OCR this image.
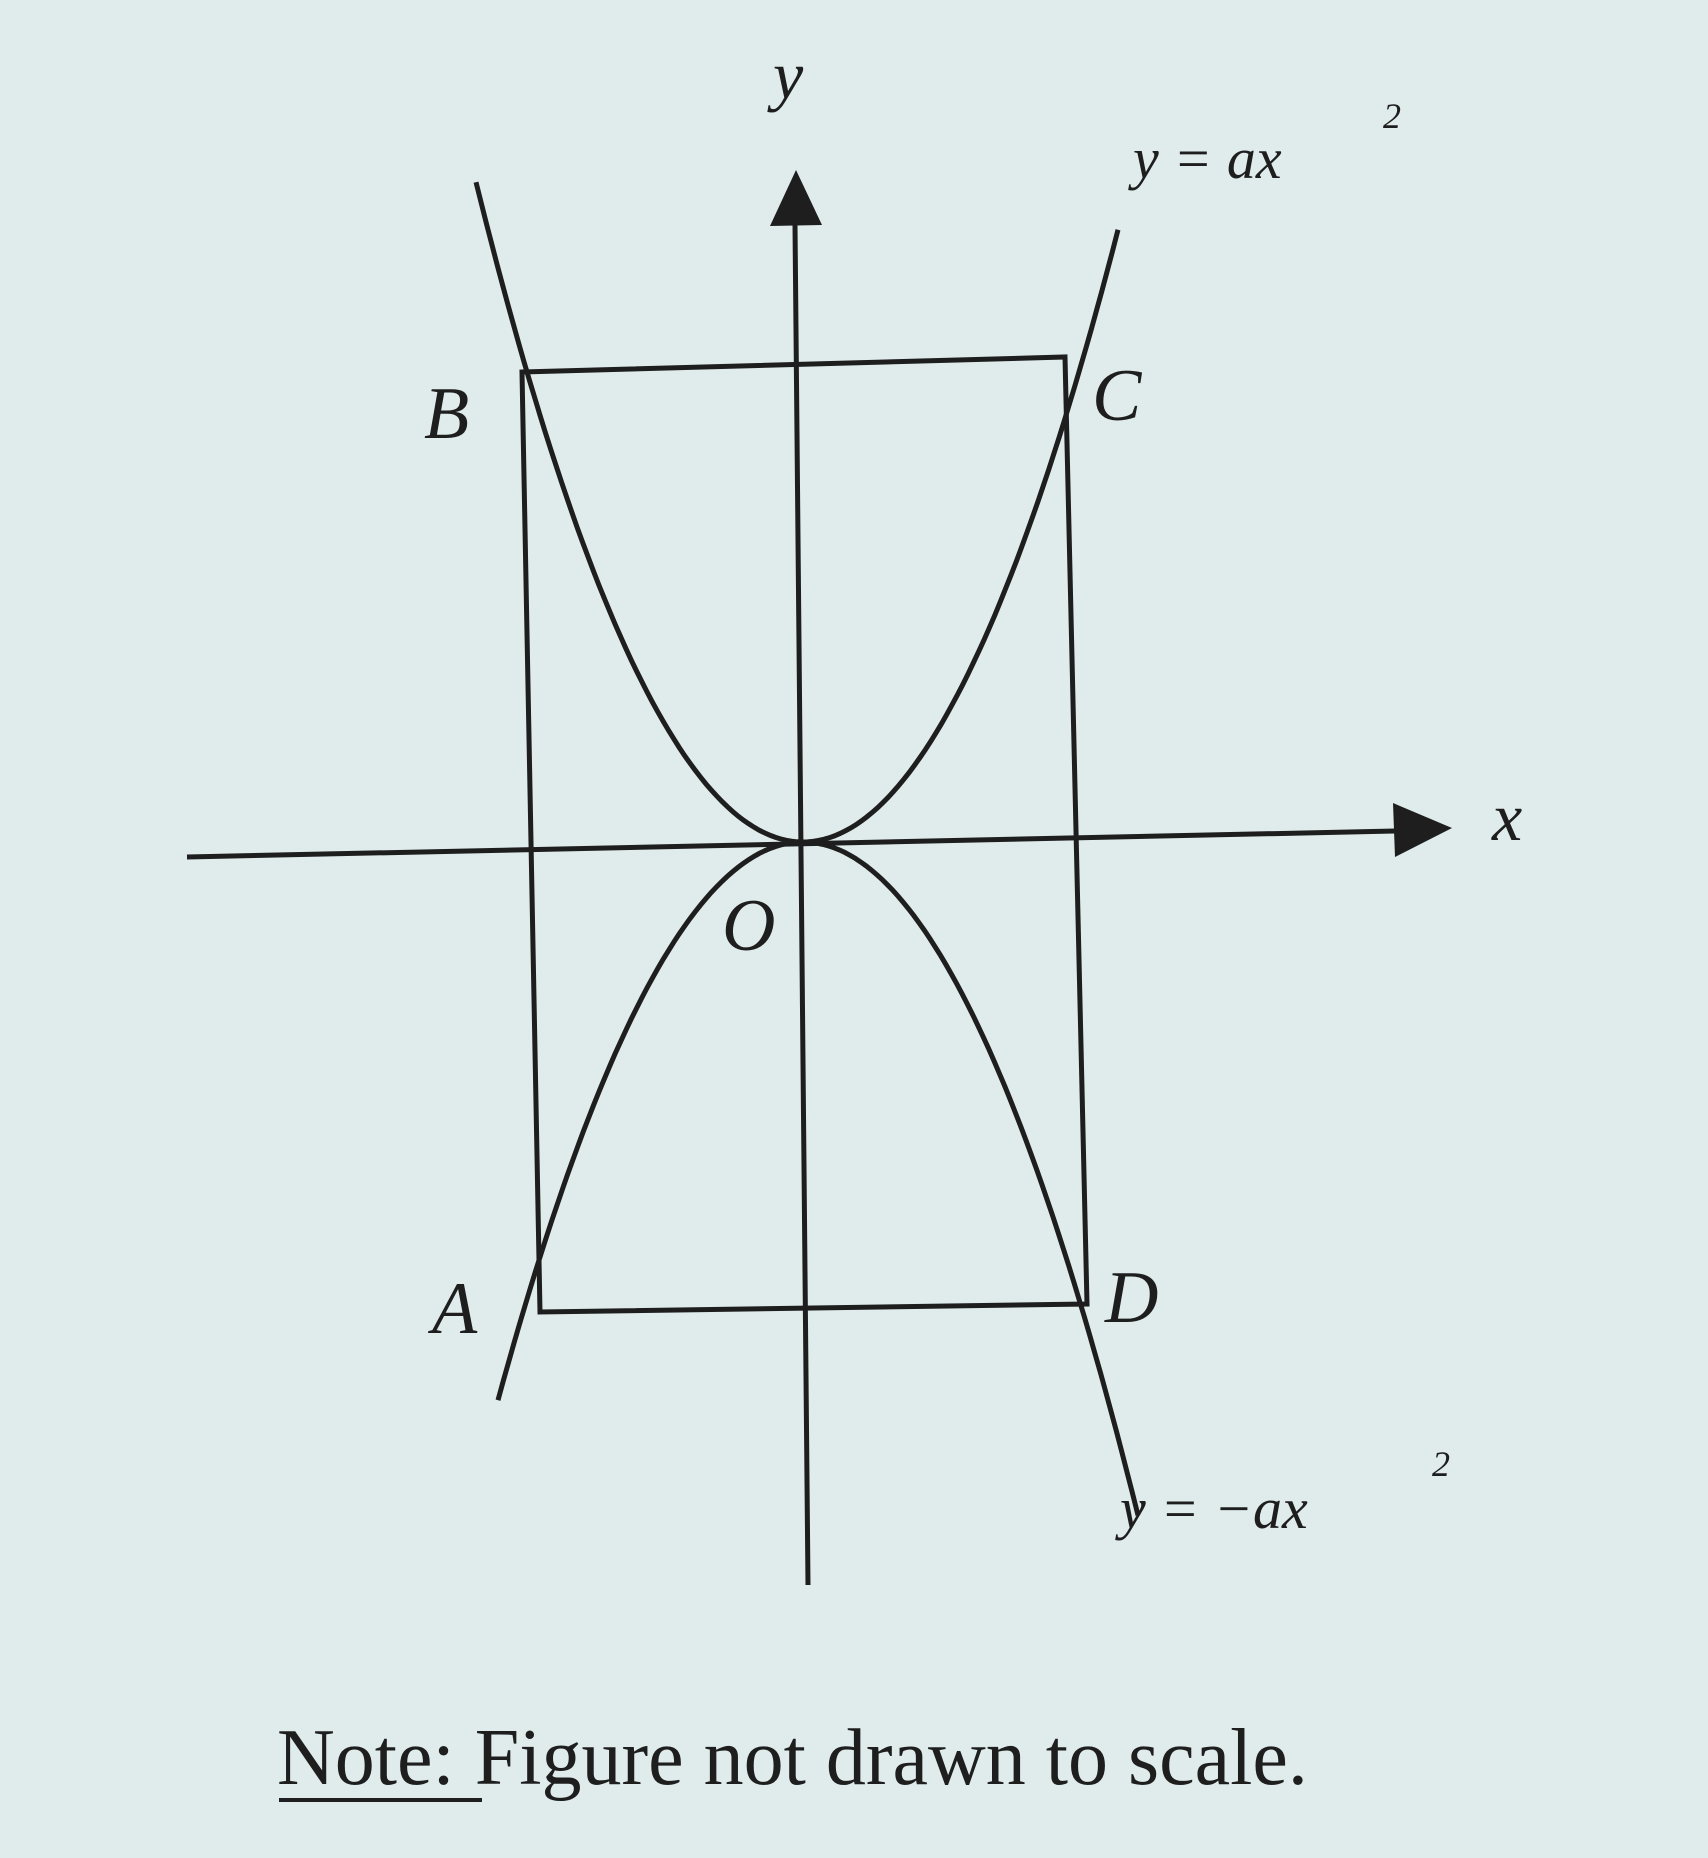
y
x
O
B	C
A	D
y = ax
2
y = −ax
2
Note: Figure not drawn to scale.
